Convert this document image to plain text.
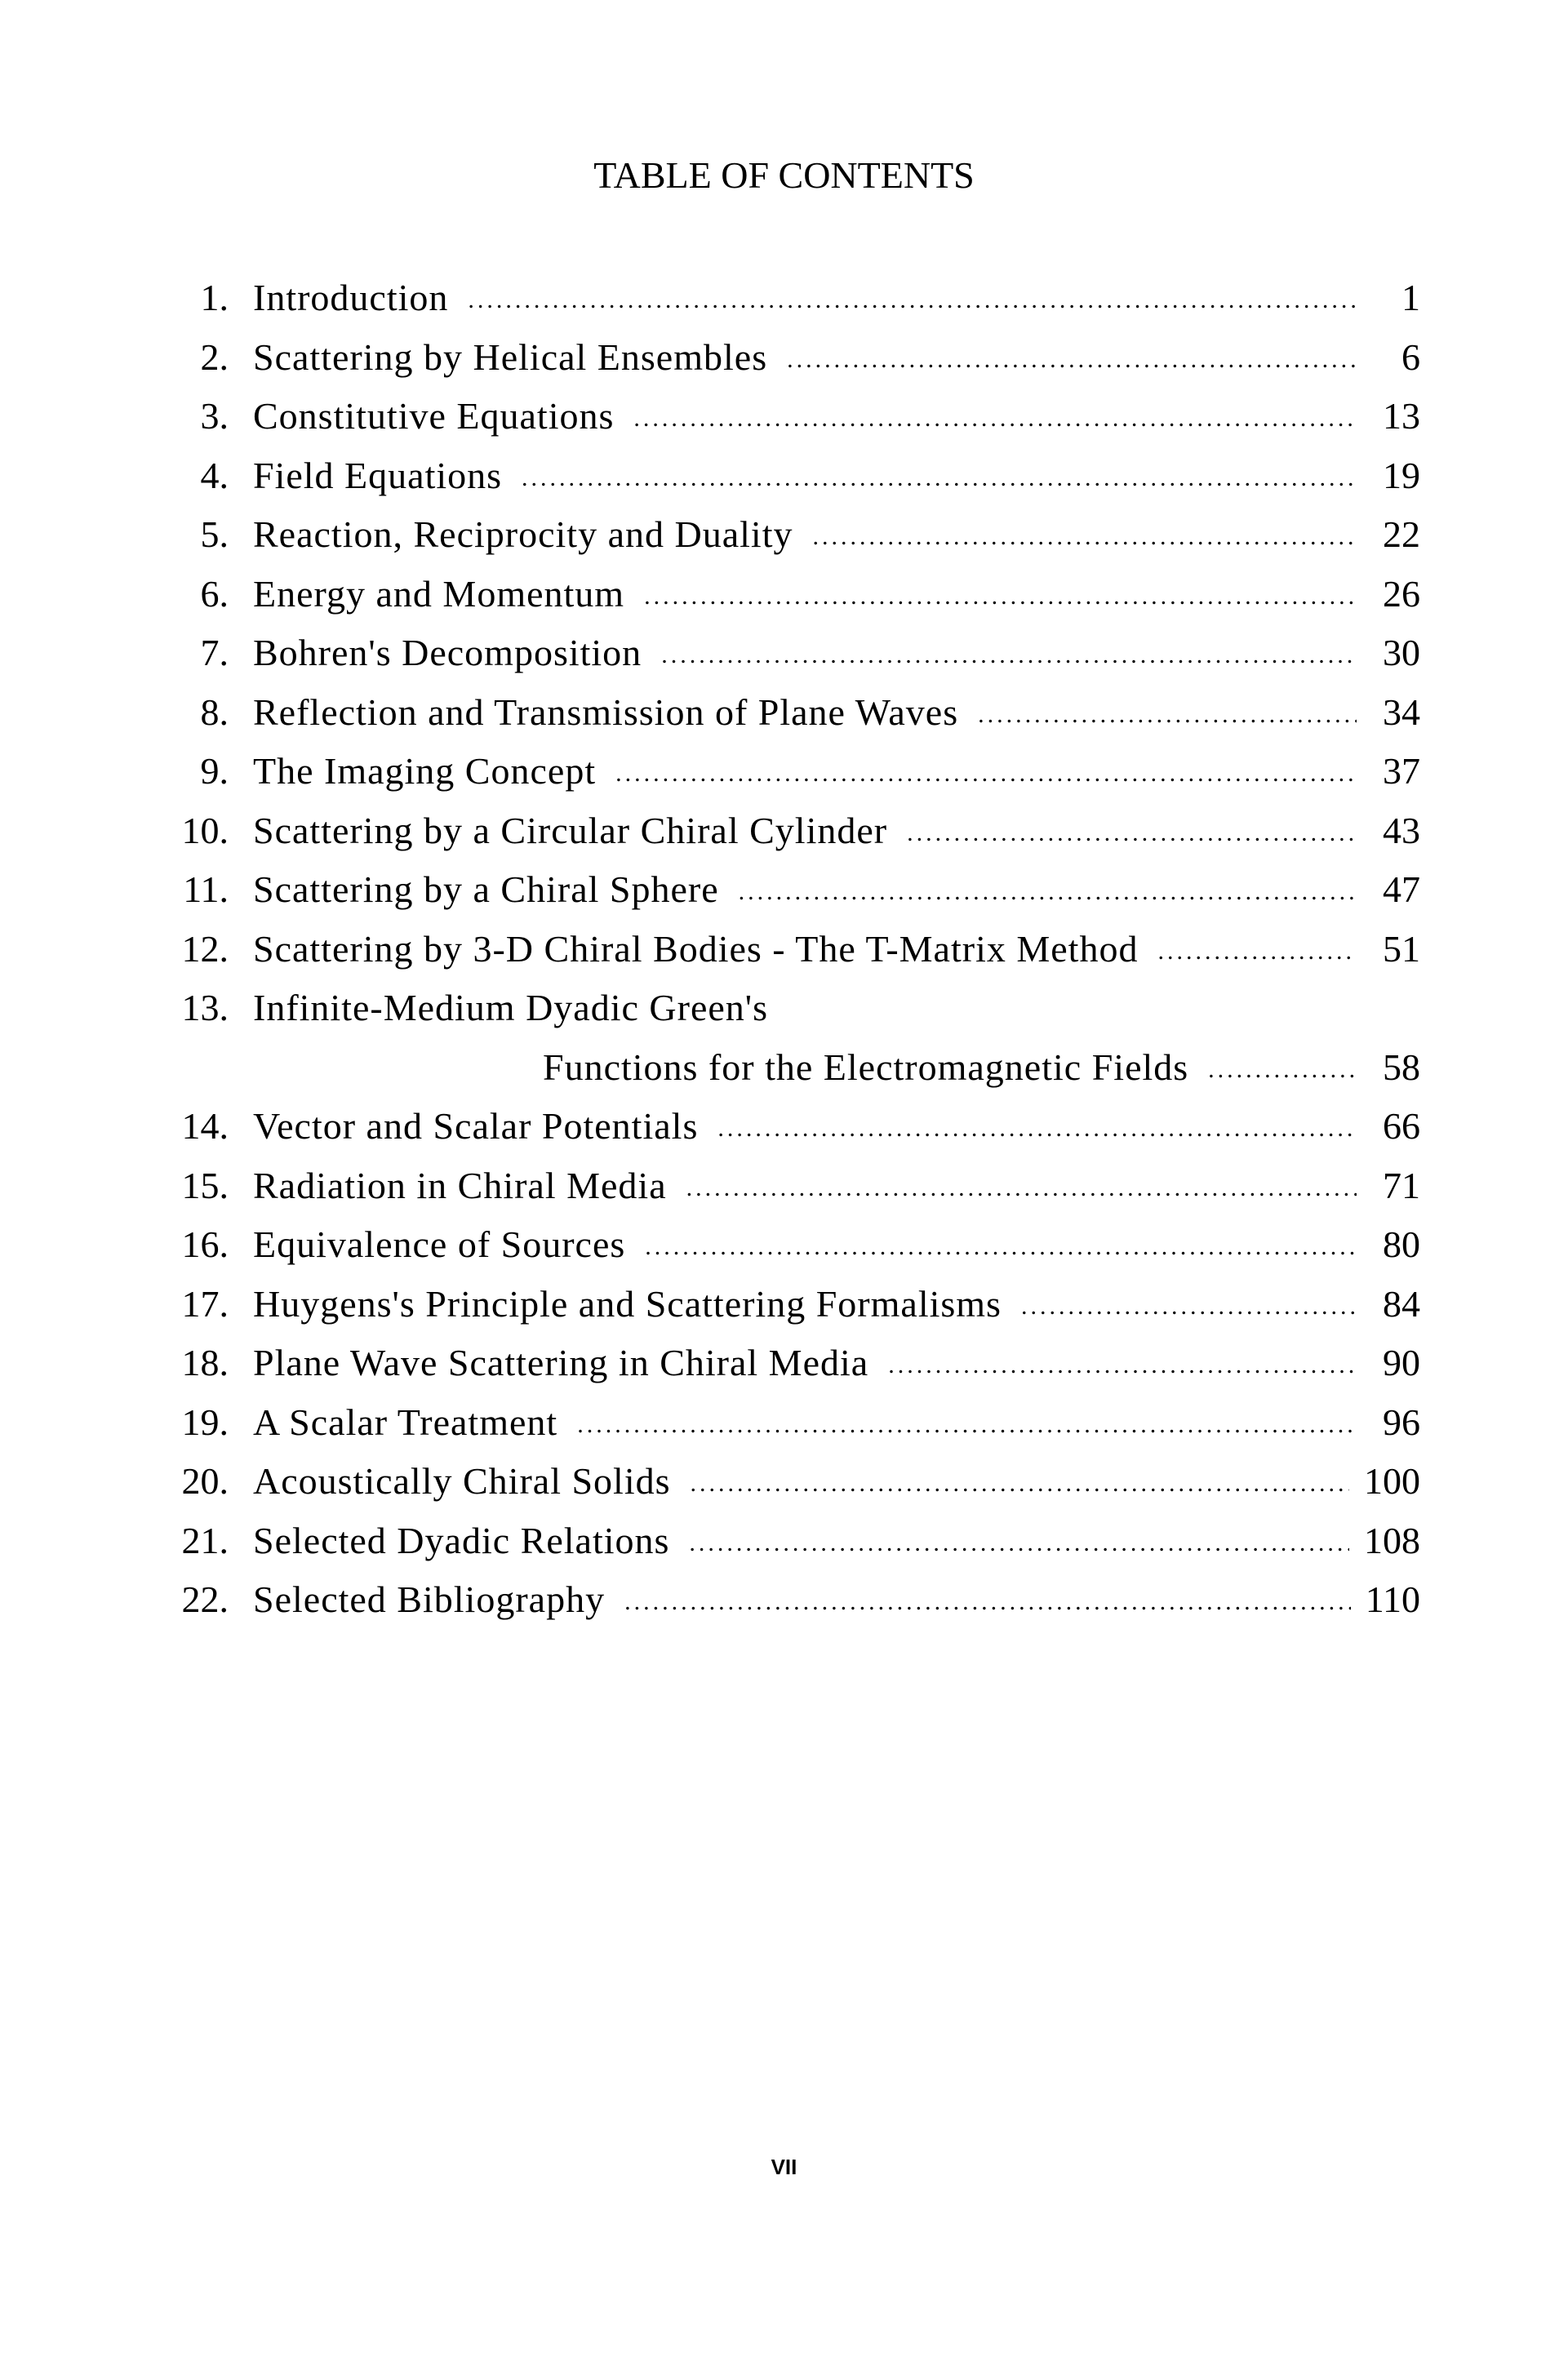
TABLE OF CONTENTS
1. Introduction .....	1
2. Scattering by Helical Ensembles .....	6
3. Constitutive Equations .....	13
4. Field Equations .....	19
5. Reaction, Reciprocity and Duality .....	22
6. Energy and Momentum .....	26
7. Bohren's Decomposition .....	30
8. Reflection and Transmission of Plane Waves .....	34
9. The Imaging Concept .....	37
10. Scattering by a Circular Chiral Cylinder .....	43
11. Scattering by a Chiral Sphere .....	47
12. Scattering by 3-D Chiral Bodies - The T-Matrix Method .....	51
13. Infinite-Medium Dyadic Green's
Functions for the Electromagnetic Fields .....	58
14. Vector and Scalar Potentials .....	66
15. Radiation in Chiral Media .....	71
16. Equivalence of Sources .....	80
17. Huygens's Principle and Scattering Formalisms .....	84
18. Plane Wave Scattering in Chiral Media .....	90
19. A Scalar Treatment .....	96
20. Acoustically Chiral Solids .....	100
21. Selected Dyadic Relations .....	108
22. Selected Bibliography .....	110
VII
